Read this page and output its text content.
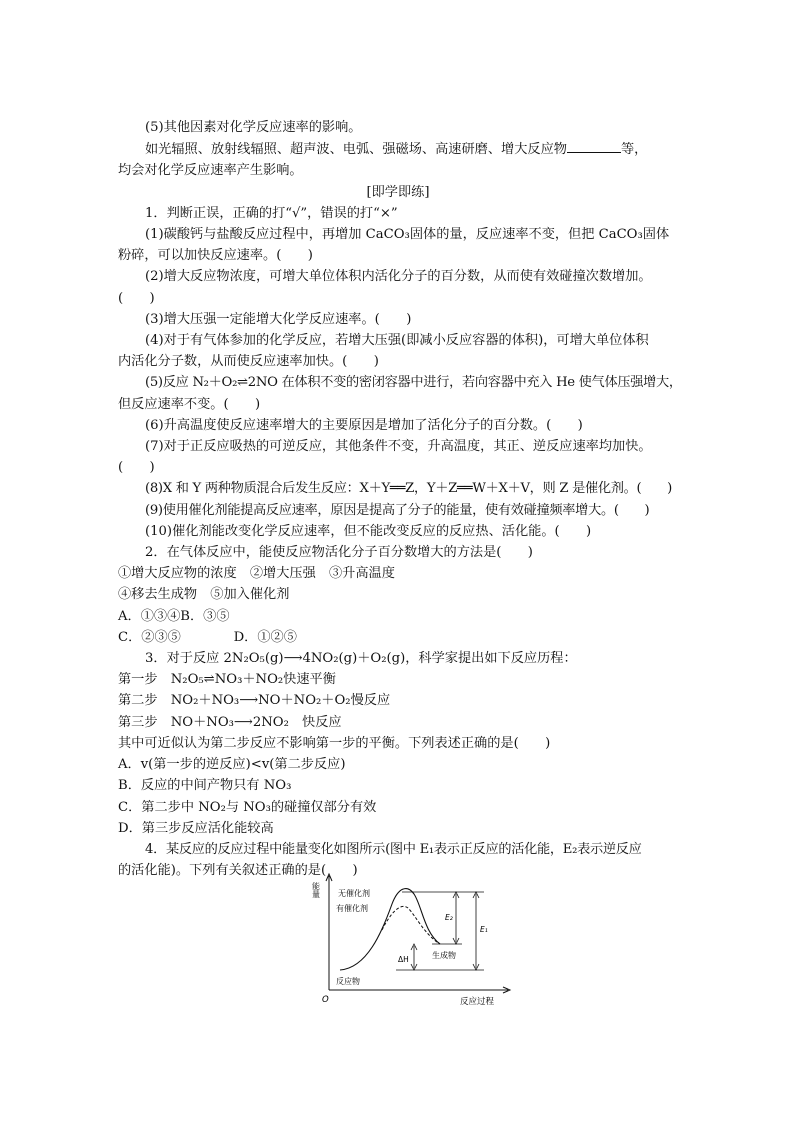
(5)其他因素对化学反应速率的影响。
如光辐照、放射线辐照、超声波、电弧、强磁场、高速研磨、增大反应物	等，
均会对化学反应速率产生影响。
[即学即练]
1．判断正误，正确的打“√”，错误的打“×”
(1)碳酸钙与盐酸反应过程中，再增加 CaCO₃固体的量，反应速率不变，但把 CaCO₃固体
粉碎，可以加快反应速率。(　　)
(2)增大反应物浓度，可增大单位体积内活化分子的百分数，从而使有效碰撞次数增加。
(　　)
(3)增大压强一定能增大化学反应速率。(　　)
(4)对于有气体参加的化学反应，若增大压强(即减小反应容器的体积)，可增大单位体积
内活化分子数，从而使反应速率加快。(　　)
(5)反应 N₂＋O₂⇌2NO 在体积不变的密闭容器中进行，若向容器中充入 He 使气体压强增大，
但反应速率不变。(　　)
(6)升高温度使反应速率增大的主要原因是增加了活化分子的百分数。(　　)
(7)对于正反应吸热的可逆反应，其他条件不变，升高温度，其正、逆反应速率均加快。
(　　)
(8)X 和 Y 两种物质混合后发生反应：X＋Y══Z，Y＋Z══W＋X＋V，则 Z 是催化剂。(　　)
(9)使用催化剂能提高反应速率，原因是提高了分子的能量，使有效碰撞频率增大。(　　)
(10)催化剂能改变化学反应速率，但不能改变反应的反应热、活化能。(　　)
2．在气体反应中，能使反应物活化分子百分数增大的方法是(　　)
①增大反应物的浓度　②增大压强　③升高温度
④移去生成物　⑤加入催化剂
A．①③④B．③⑤
C．②③⑤　　　　D．①②⑤
3．对于反应 2N₂O₅(g)⟶4NO₂(g)＋O₂(g)，科学家提出如下反应历程：
第一步　N₂O₅⇌NO₃＋NO₂快速平衡
第二步　NO₂＋NO₃⟶NO＋NO₂＋O₂慢反应
第三步　NO＋NO₃⟶2NO₂　快反应
其中可近似认为第二步反应不影响第一步的平衡。下列表述正确的是(　　)
A．v(第一步的逆反应)<v(第二步反应)
B．反应的中间产物只有 NO₃
C．第二步中 NO₂与 NO₃的碰撞仅部分有效
D．第三步反应活化能较高
4．某反应的反应过程中能量变化如图所示(图中 E₁表示正反应的活化能，E₂表示逆反应
的活化能)。下列有关叙述正确的是(　　)
能量
反应过程
O
无催化剂
有催化剂
E₂
E₁
ΔH	生成物
反应物
